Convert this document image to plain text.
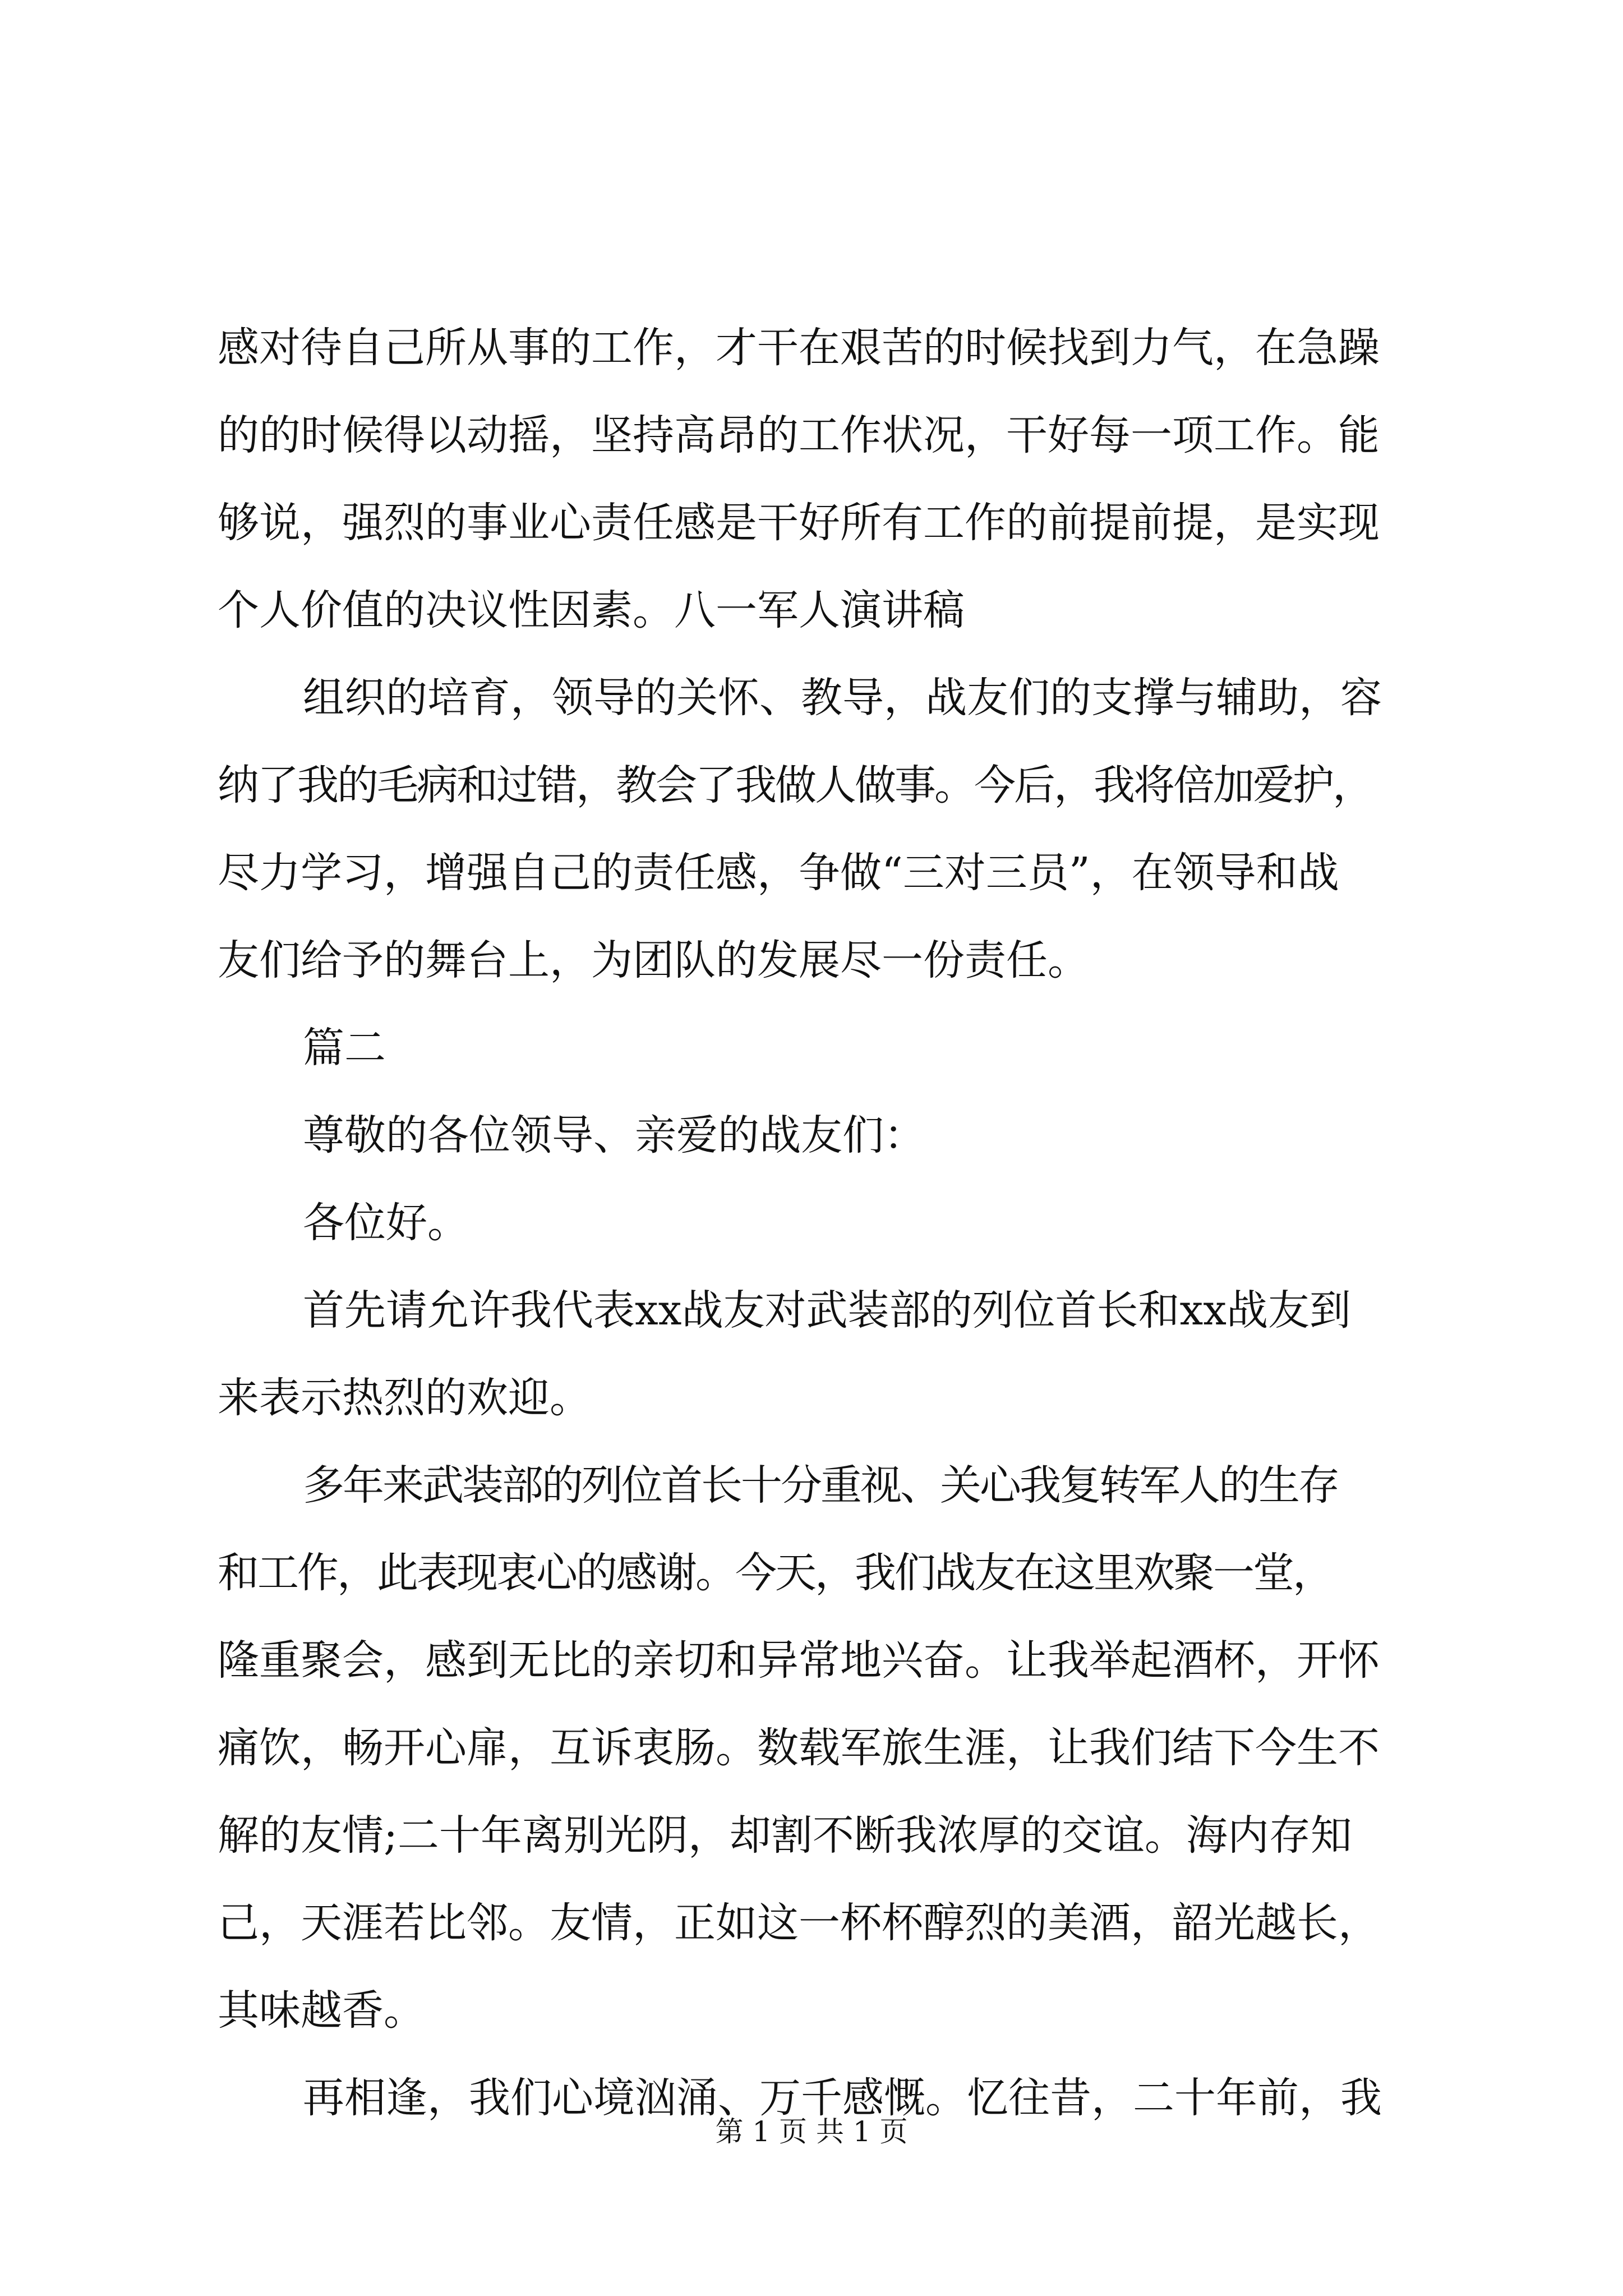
感对待自己所从事的工作，才干在艰苦的时候找到力气，在急躁
的的时候得以动摇，坚持高昂的工作状况，干好每一项工作。能
够说，强烈的事业心责任感是干好所有工作的前提前提，是实现
个人价值的决议性因素。八一军人演讲稿
组织的培育，领导的关怀、教导，战友们的支撑与辅助，容
纳了我的毛病和过错，教会了我做人做事。今后，我将倍加爱护，
尽力学习，增强自己的责任感，争做“三对三员”，在领导和战
友们给予的舞台上，为团队的发展尽一份责任。
篇二
尊敬的各位领导、亲爱的战友们：
各位好。
首先请允许我代表xx战友对武装部的列位首长和xx战友到
来表示热烈的欢迎。
多年来武装部的列位首长十分重视、关心我复转军人的生存
和工作，此表现衷心的感谢。今天，我们战友在这里欢聚一堂，
隆重聚会，感到无比的亲切和异常地兴奋。让我举起酒杯，开怀
痛饮，畅开心扉，互诉衷肠。数载军旅生涯，让我们结下今生不
解的友情;二十年离别光阴，却割不断我浓厚的交谊。海内存知
己，天涯若比邻。友情，正如这一杯杯醇烈的美酒，韶光越长，
其味越香。
再相逢，我们心境汹涌、万千感慨。忆往昔，二十年前，我
第 1 页 共 1 页
